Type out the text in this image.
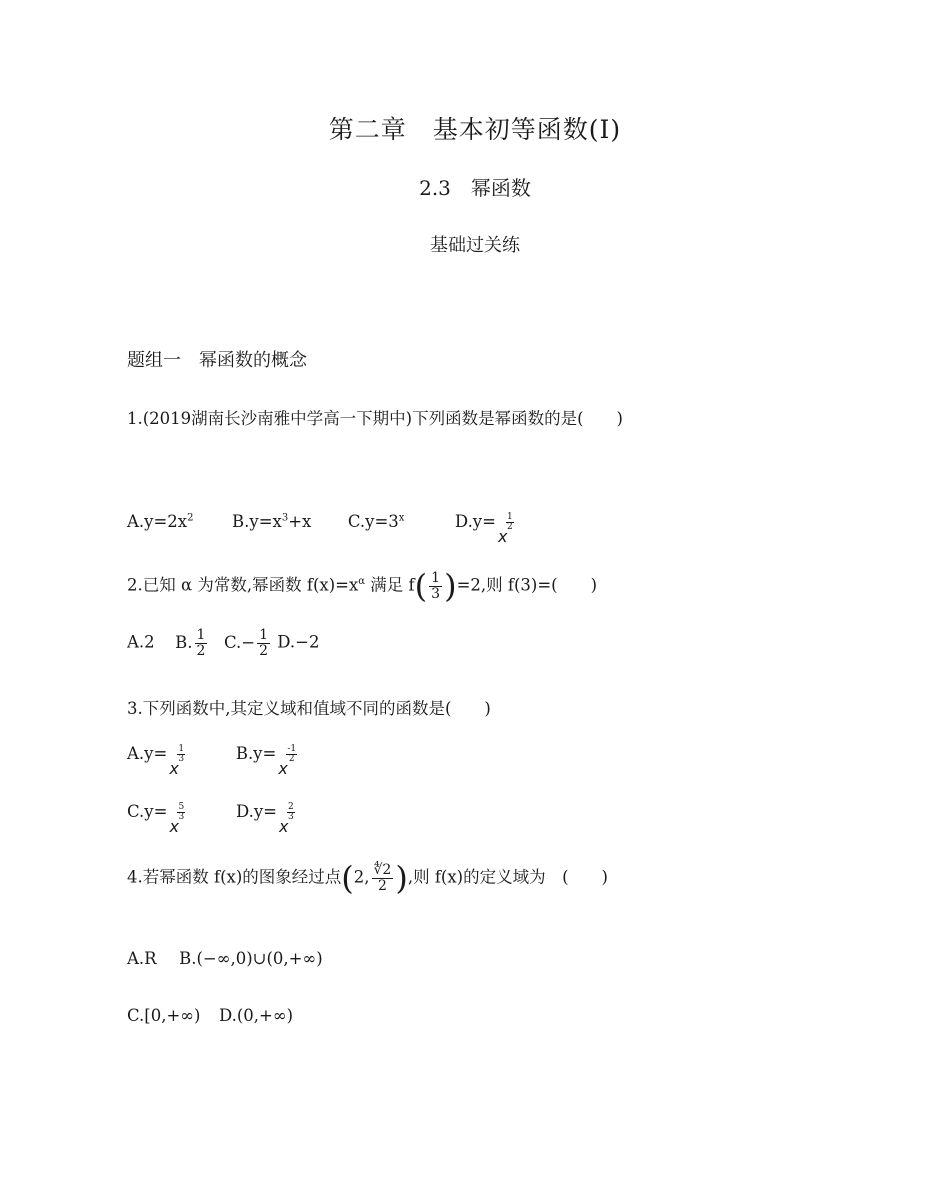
第二章　基本初等函数(Ⅰ)
2.3　幂函数
基础过关练
题组一　幂函数的概念
1.(2019湖南长沙南雅中学高一下期中)下列函数是幂函数的是(　　)
$A.y=2x^2$ $B.y=x^3+x$ $C.y=3^x$	D.y=
x
1
2
2.已知 α 为常数,幂函数 $f(x)=x^\alpha$ 满足 $f( \frac{1}{3} )=2$,则 f(3)=(　　)
A.2 B. $\frac{1}{2} C.- \frac{1}{2} D.-2$
3.下列函数中,其定义域和值域不同的函数是(　　)
A.y=
x
1
3	B.y=
x
-1
2
C.y=
x
5
3	D.y=
x
2
3
4.若幂函数 f(x)的图象经过点(2, $\frac{∜2}{2}$ ),则 f(x)的定义域为　(　　)
A.R B.(−∞,0)∪(0,+∞)
C.[0,+∞) D.(0,+∞)
